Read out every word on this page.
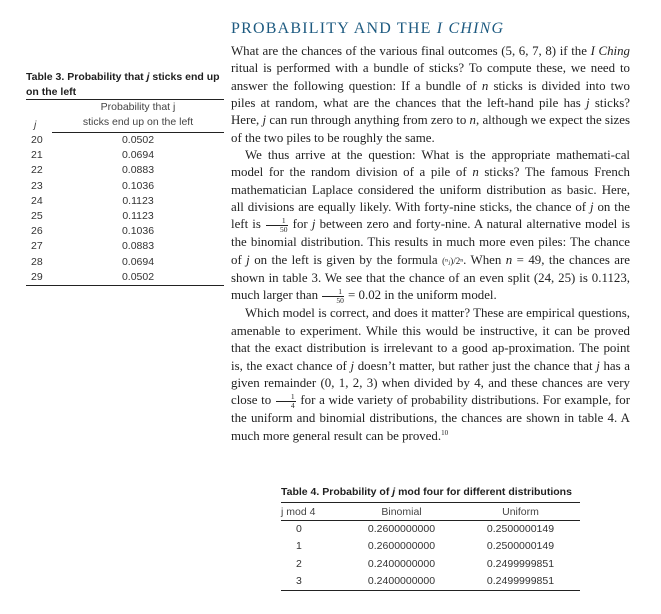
PROBABILITY AND THE I CHING
Table 3. Probability that j sticks end up on the left
j	Probability that j
	sticks end up on the left
20	0.0502
21	0.0694
22	0.0883
23	0.1036
24	0.1123
25	0.1123
26	0.1036
27	0.0883
28	0.0694
29	0.0502

What are the chances of the various final outcomes (5, 6, 7, 8) if the I Ching ritual is performed with a bundle of sticks? To compute these, we need to answer the following question: If a bundle of n sticks is divided into two piles at random, what are the chances that the left-hand pile has j sticks? Here, j can run through anything from zero to n, although we expect the sizes of the two piles to be roughly the same.

We thus arrive at the question: What is the appropriate mathemati-cal model for the random division of a pile of n sticks? The famous French mathematician Laplace considered the uniform distribution as basic. Here, all divisions are equally likely. With forty-nine sticks, the chance of j on the left is $\frac{1}{50}$ for j between zero and forty-nine. A natural alternative model is the binomial distribution. This results in much more even piles: The chance of j on the left is given by the formula (ⁿⱼ)/2ⁿ. When n = 49, the chances are shown in table 3. We see that the chance of an even split (24, 25) is 0.1123, much larger than $\frac{1}{50} = 0.02$ in the uniform model.

Which model is correct, and does it matter? These are empirical questions, amenable to experiment. While this would be instructive, it can be proved that the exact distribution is irrelevant to a good ap-proximation. The point is, the exact chance of j doesn’t matter, but rather just the chance that j has a given remainder (0, 1, 2, 3) when divided by 4, and these chances are very close to $\frac{1}{4}$ for a wide variety of probability distributions. For example, for the uniform and binomial distributions, the chances are shown in table 4. A much more general result can be proved.$^{10}$

Table 4. Probability of j mod four for different distributions
j mod 4	Binomial	Uniform
0	0.2600000000	0.2500000149
1	0.2600000000	0.2500000149
2	0.2400000000	0.2499999851
3	0.2400000000	0.2499999851
